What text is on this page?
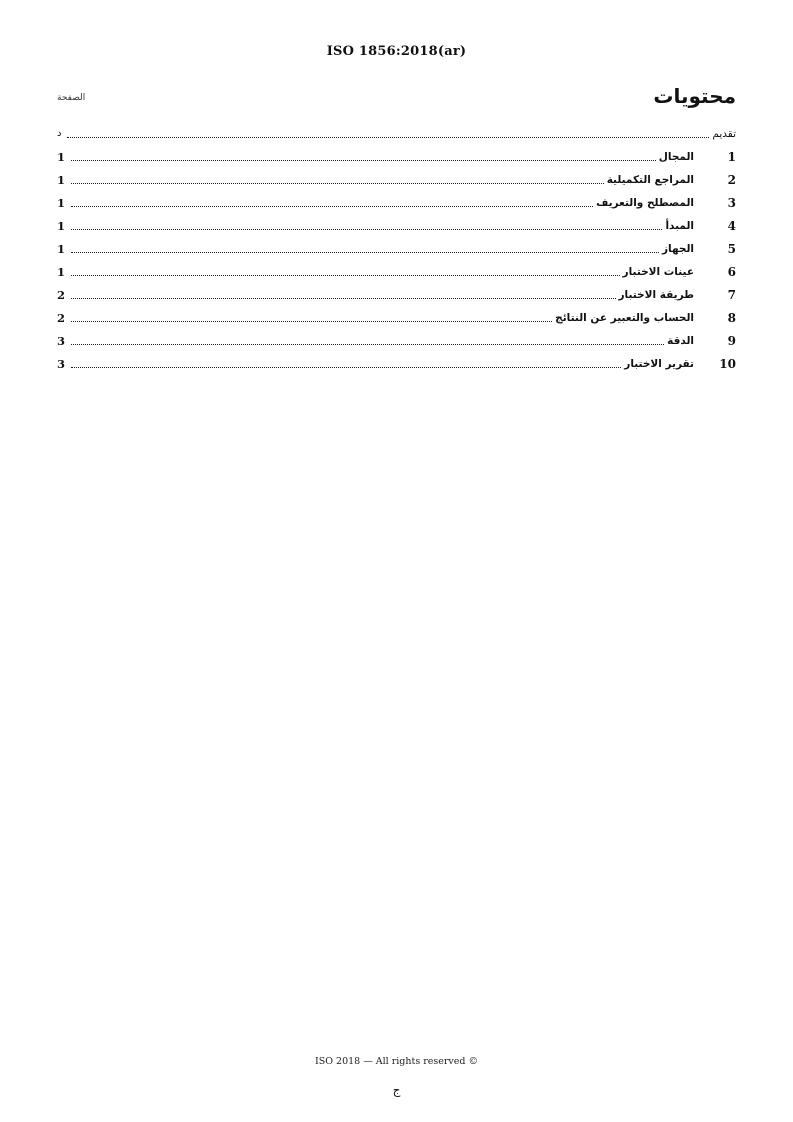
ISO 1856:2018(ar)
الصفحة	محتويات
د	تقديم
1	المجال	1
1	المراجع التكميلية	2
1	المصطلح والتعريف	3
1	المبدأ	4
1	الجهاز	5
1	عينات الاختبار	6
2	طريقة الاختبار	7
2	الحساب والتعبير عن النتائج	8
3	الدقة	9
3	تقرير الاختبار	10
ISO 2018 — All rights reserved ©
ج
